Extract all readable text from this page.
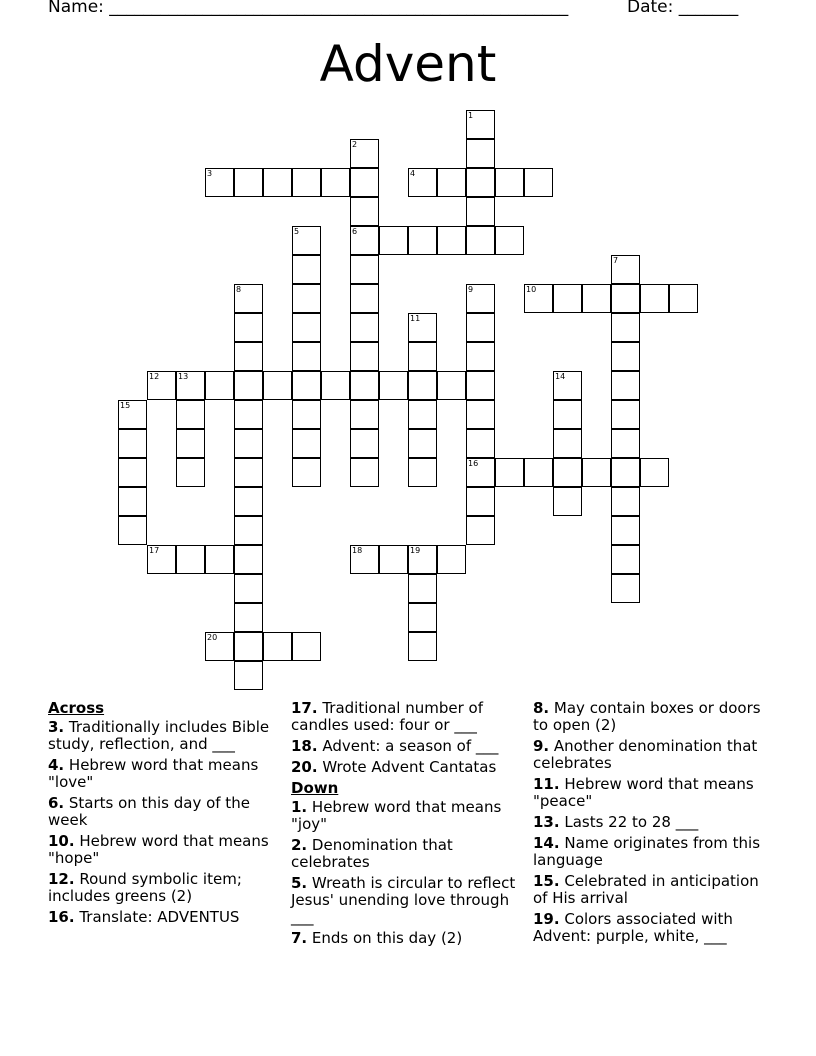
Name: ______________________________________________________	Date: _______
Advent
1
2
3	4
5	6
7
8	9	10
11
12 13	14
15
16
17	18	19
20
Across
3. Traditionally includes Bible study, reflection, and ___
4. Hebrew word that means "love"
6. Starts on this day of the week
10. Hebrew word that means "hope"
12. Round symbolic item; includes greens (2)
16. Translate: ADVENTUS
17. Traditional number of candles used: four or ___
18. Advent: a season of ___
20. Wrote Advent Cantatas
Down
1. Hebrew word that means "joy"
2. Denomination that celebrates
5. Wreath is circular to reflect Jesus' unending love through ___
7. Ends on this day (2)
8. May contain boxes or doors to open (2)
9. Another denomination that celebrates
11. Hebrew word that means "peace"
13. Lasts 22 to 28 ___
14. Name originates from this language
15. Celebrated in anticipation of His arrival
19. Colors associated with Advent: purple, white, ___
